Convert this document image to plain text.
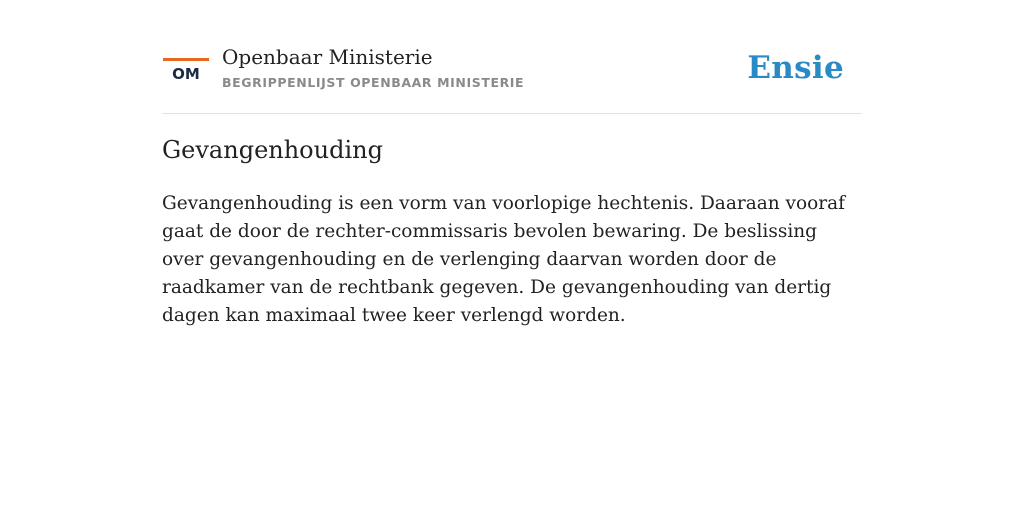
OM
Openbaar Ministerie
BEGRIPPENLIJST OPENBAAR MINISTERIE	Ensie
Gevangenhouding

Gevangenhouding is een vorm van voorlopige hechtenis. Daaraan vooraf gaat de door de rechter-commissaris bevolen bewaring. De beslissing over gevangenhouding en de verlenging daarvan worden door de raadkamer van de rechtbank gegeven. De gevangenhouding van dertig dagen kan maximaal twee keer verlengd worden.
